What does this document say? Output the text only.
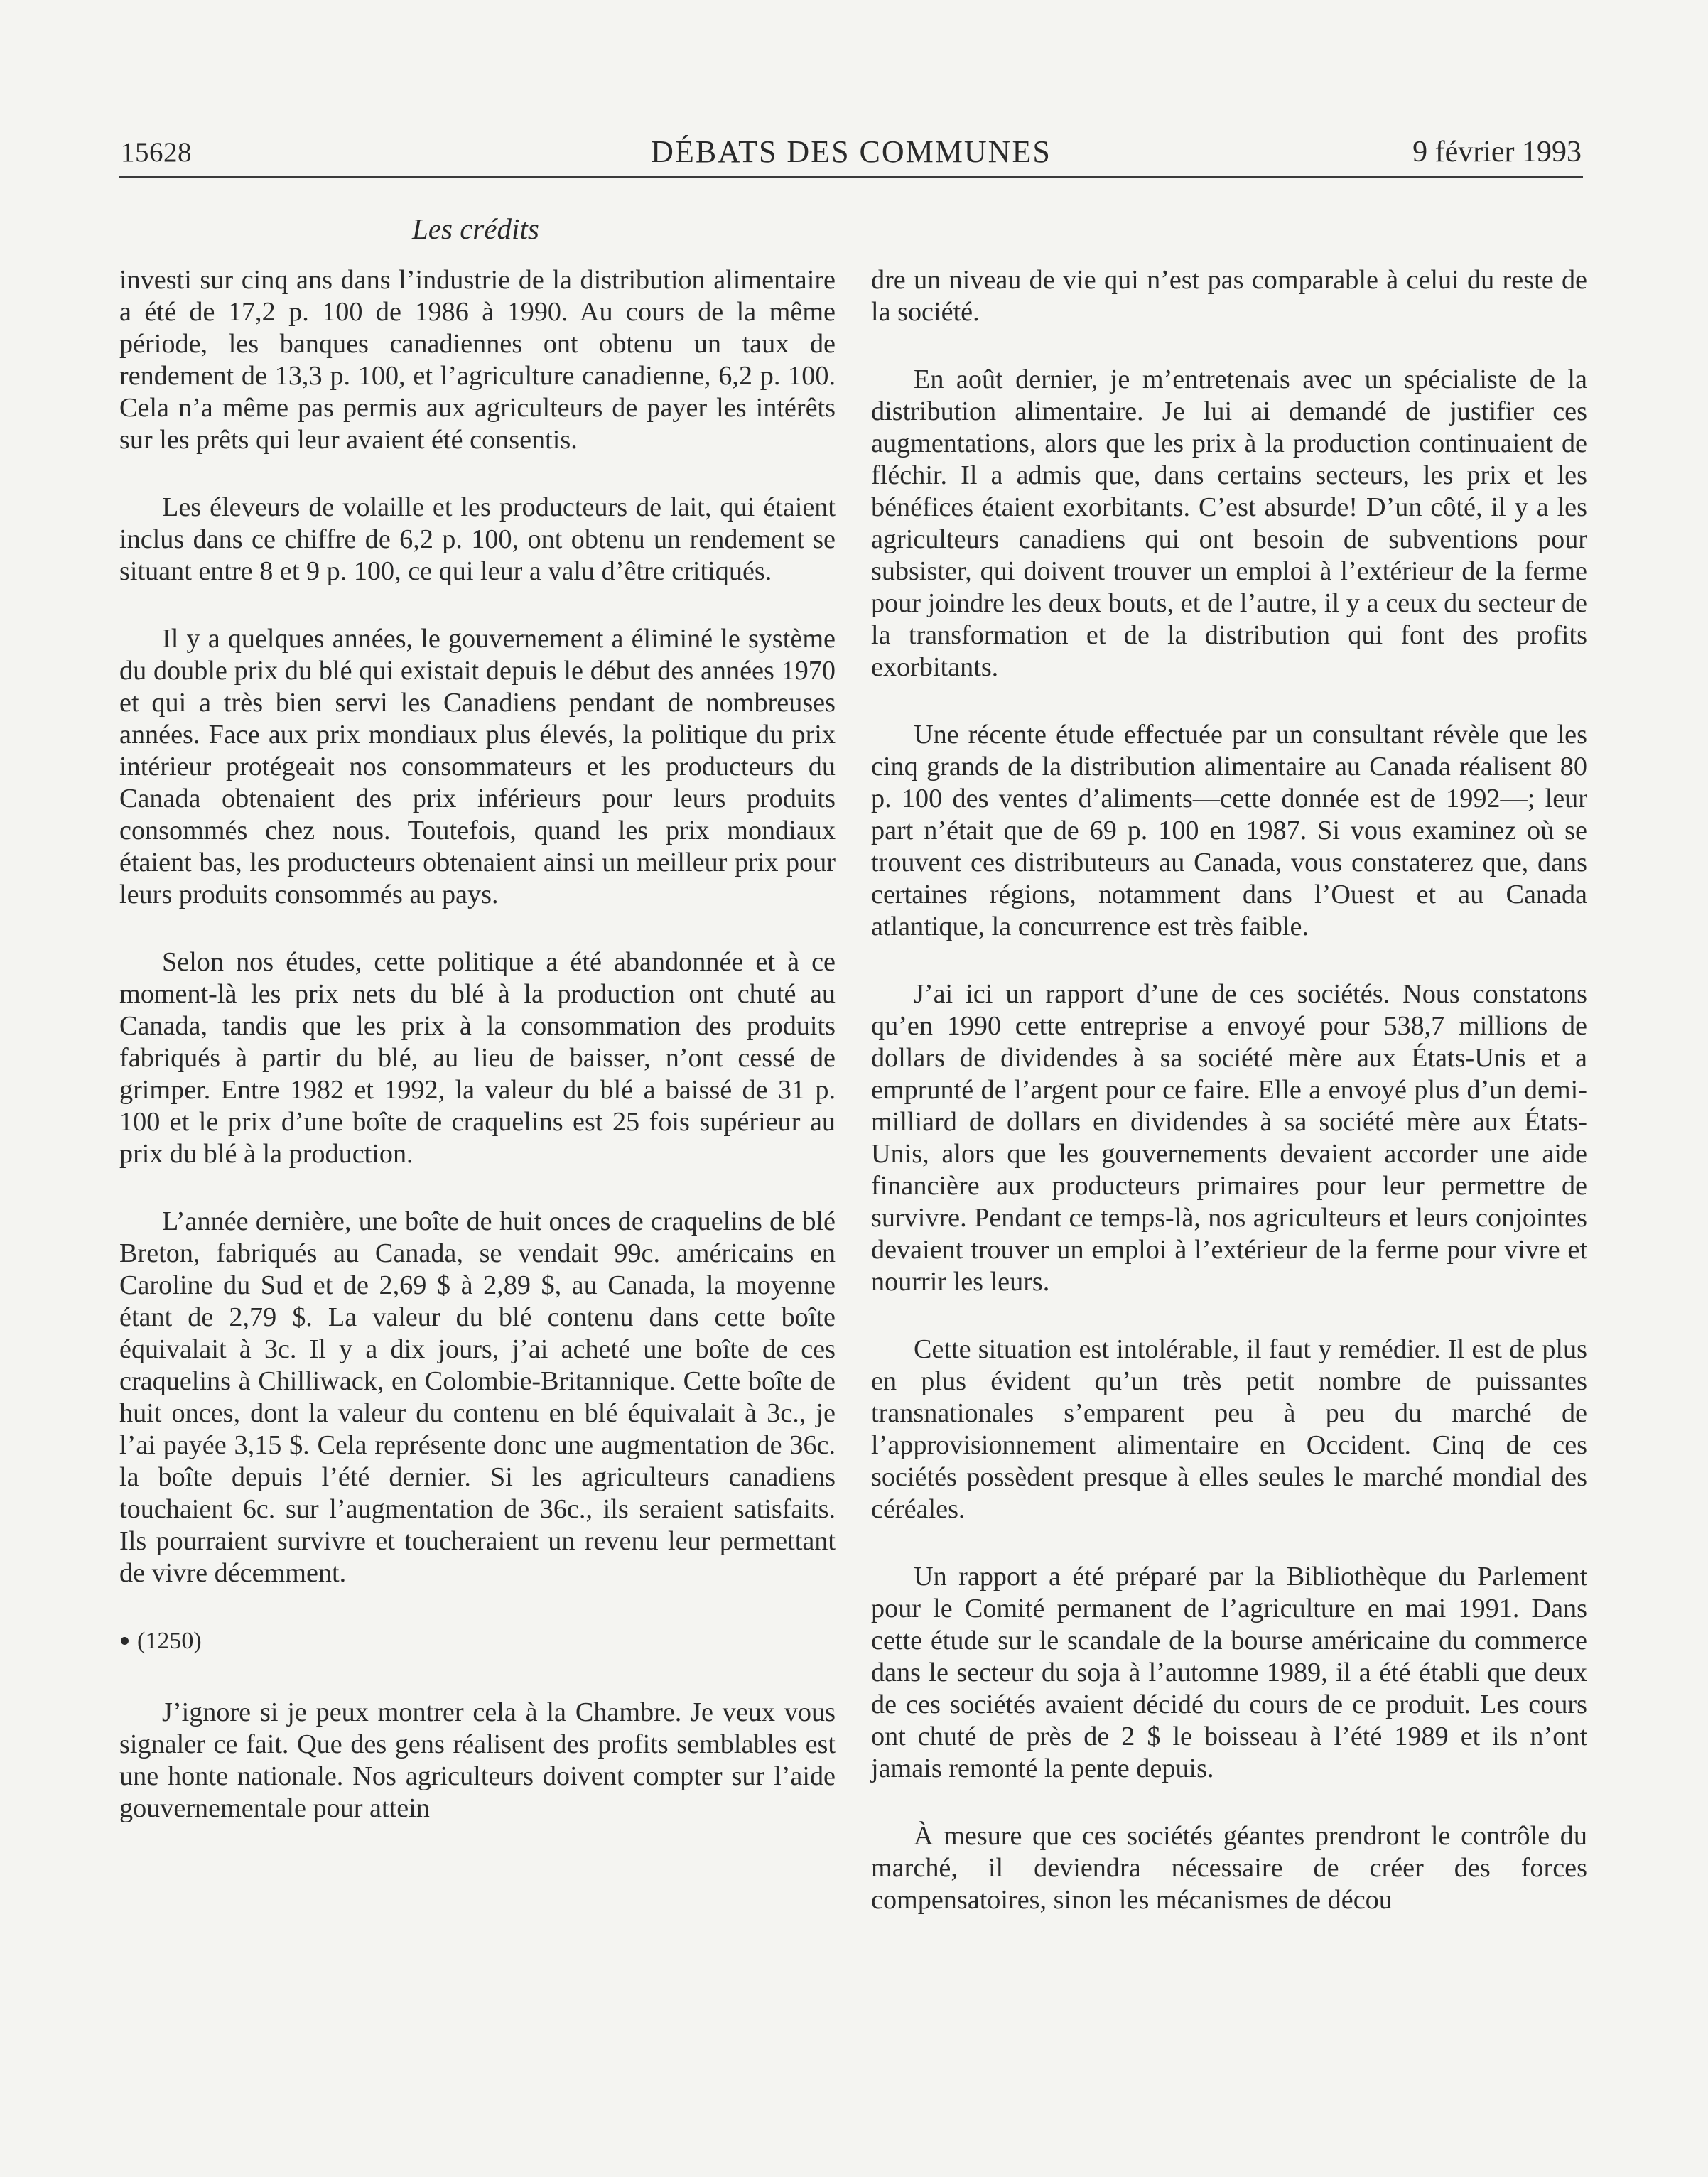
15628	DÉBATS DES COMMUNES	9 février 1993
Les crédits

investi sur cinq ans dans l’industrie de la distribution alimentaire a été de 17,2 p. 100 de 1986 à 1990. Au cours de la même période, les banques canadiennes ont obtenu un taux de rendement de 13,3 p. 100, et l’agriculture canadienne, 6,2 p. 100. Cela n’a même pas permis aux agriculteurs de payer les intérêts sur les prêts qui leur avaient été consentis.

Les éleveurs de volaille et les producteurs de lait, qui étaient inclus dans ce chiffre de 6,2 p. 100, ont obtenu un rendement se situant entre 8 et 9 p. 100, ce qui leur a valu d’être critiqués.

Il y a quelques années, le gouvernement a éliminé le système du double prix du blé qui existait depuis le début des années 1970 et qui a très bien servi les Canadiens pendant de nombreuses années. Face aux prix mondiaux plus élevés, la politique du prix intérieur protégeait nos consommateurs et les producteurs du Canada obtenaient des prix inférieurs pour leurs produits consommés chez nous. Toutefois, quand les prix mondiaux étaient bas, les producteurs obtenaient ainsi un meilleur prix pour leurs produits consommés au pays.

Selon nos études, cette politique a été abandonnée et à ce moment-là les prix nets du blé à la production ont chuté au Canada, tandis que les prix à la consommation des produits fabriqués à partir du blé, au lieu de baisser, n’ont cessé de grimper. Entre 1982 et 1992, la valeur du blé a baissé de 31 p. 100 et le prix d’une boîte de craquelins est 25 fois supérieur au prix du blé à la production.

L’année dernière, une boîte de huit onces de craquelins de blé Breton, fabriqués au Canada, se vendait 99c. américains en Caroline du Sud et de 2,69 $ à 2,89 $, au Canada, la moyenne étant de 2,79 $. La valeur du blé contenu dans cette boîte équivalait à 3c. Il y a dix jours, j’ai acheté une boîte de ces craquelins à Chilliwack, en Colombie-Britannique. Cette boîte de huit onces, dont la valeur du contenu en blé équivalait à 3c., je l’ai payée 3,15 $. Cela représente donc une augmentation de 36c. la boîte depuis l’été dernier. Si les agriculteurs canadiens touchaient 6c. sur l’augmentation de 36c., ils seraient satisfaits. Ils pourraient survivre et toucheraient un revenu leur permettant de vivre décemment.

(1250)

J’ignore si je peux montrer cela à la Chambre. Je veux vous signaler ce fait. Que des gens réalisent des profits semblables est une honte nationale. Nos agriculteurs doivent compter sur l’aide gouvernementale pour attein

dre un niveau de vie qui n’est pas comparable à celui du reste de la société.

En août dernier, je m’entretenais avec un spécialiste de la distribution alimentaire. Je lui ai demandé de justifier ces augmentations, alors que les prix à la production continuaient de fléchir. Il a admis que, dans certains secteurs, les prix et les bénéfices étaient exorbitants. C’est absurde! D’un côté, il y a les agriculteurs canadiens qui ont besoin de subventions pour subsister, qui doivent trouver un emploi à l’extérieur de la ferme pour joindre les deux bouts, et de l’autre, il y a ceux du secteur de la transformation et de la distribution qui font des profits exorbitants.

Une récente étude effectuée par un consultant révèle que les cinq grands de la distribution alimentaire au Canada réalisent 80 p. 100 des ventes d’aliments—cette donnée est de 1992—; leur part n’était que de 69 p. 100 en 1987. Si vous examinez où se trouvent ces distributeurs au Canada, vous constaterez que, dans certaines régions, notamment dans l’Ouest et au Canada atlantique, la concurrence est très faible.

J’ai ici un rapport d’une de ces sociétés. Nous constatons qu’en 1990 cette entreprise a envoyé pour 538,7 millions de dollars de dividendes à sa société mère aux États-Unis et a emprunté de l’argent pour ce faire. Elle a envoyé plus d’un demi-milliard de dollars en dividendes à sa société mère aux États-Unis, alors que les gouvernements devaient accorder une aide financière aux producteurs primaires pour leur permettre de survivre. Pendant ce temps-là, nos agriculteurs et leurs conjointes devaient trouver un emploi à l’extérieur de la ferme pour vivre et nourrir les leurs.

Cette situation est intolérable, il faut y remédier. Il est de plus en plus évident qu’un très petit nombre de puissantes transnationales s’emparent peu à peu du marché de l’approvisionnement alimentaire en Occident. Cinq de ces sociétés possèdent presque à elles seules le marché mondial des céréales.

Un rapport a été préparé par la Bibliothèque du Parlement pour le Comité permanent de l’agriculture en mai 1991. Dans cette étude sur le scandale de la bourse américaine du commerce dans le secteur du soja à l’automne 1989, il a été établi que deux de ces sociétés avaient décidé du cours de ce produit. Les cours ont chuté de près de 2 $ le boisseau à l’été 1989 et ils n’ont jamais remonté la pente depuis.

À mesure que ces sociétés géantes prendront le contrôle du marché, il deviendra nécessaire de créer des forces compensatoires, sinon les mécanismes de décou
